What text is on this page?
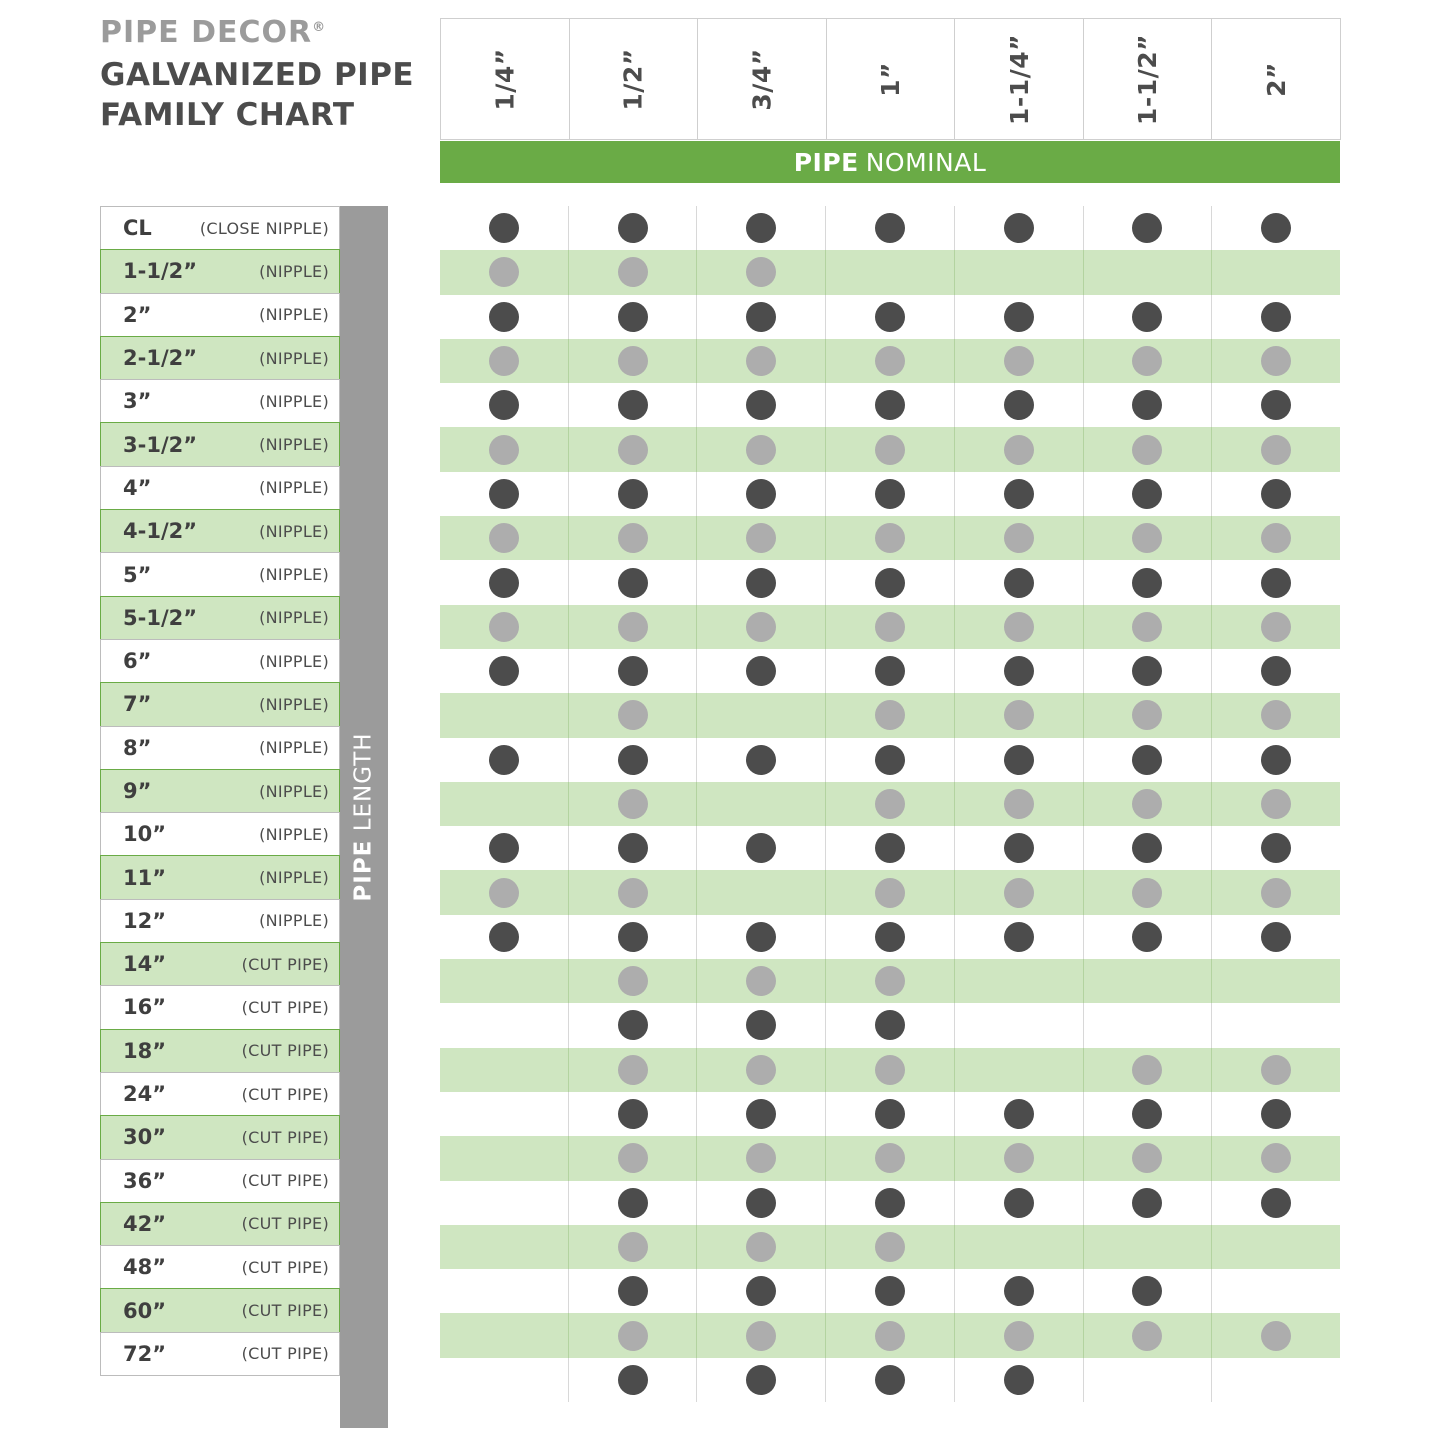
PIPE DECOR®
GALVANIZED PIPE
FAMILY CHART
1/4”	1/2”	3/4”	1”	1-1/4”	1-1/2”	2”
PIPE NOMINAL
CL	(CLOSE NIPPLE)
1-1/2”	(NIPPLE)
2”	(NIPPLE)
2-1/2”	(NIPPLE)
3”	(NIPPLE)
3-1/2”	(NIPPLE)
4”	(NIPPLE)
4-1/2”	(NIPPLE)
5”	(NIPPLE)
5-1/2”	(NIPPLE)
6”	(NIPPLE)
7”	(NIPPLE)
8”	(NIPPLE)
9”	(NIPPLE)
10”	(NIPPLE)
11”	(NIPPLE)
12”	(NIPPLE)
14”	(CUT PIPE)
16”	(CUT PIPE)
18”	(CUT PIPE)
24”	(CUT PIPE)
30”	(CUT PIPE)
36”	(CUT PIPE)
42”	(CUT PIPE)
48”	(CUT PIPE)
60”	(CUT PIPE)
72”	(CUT PIPE)
PIPE LENGTH
